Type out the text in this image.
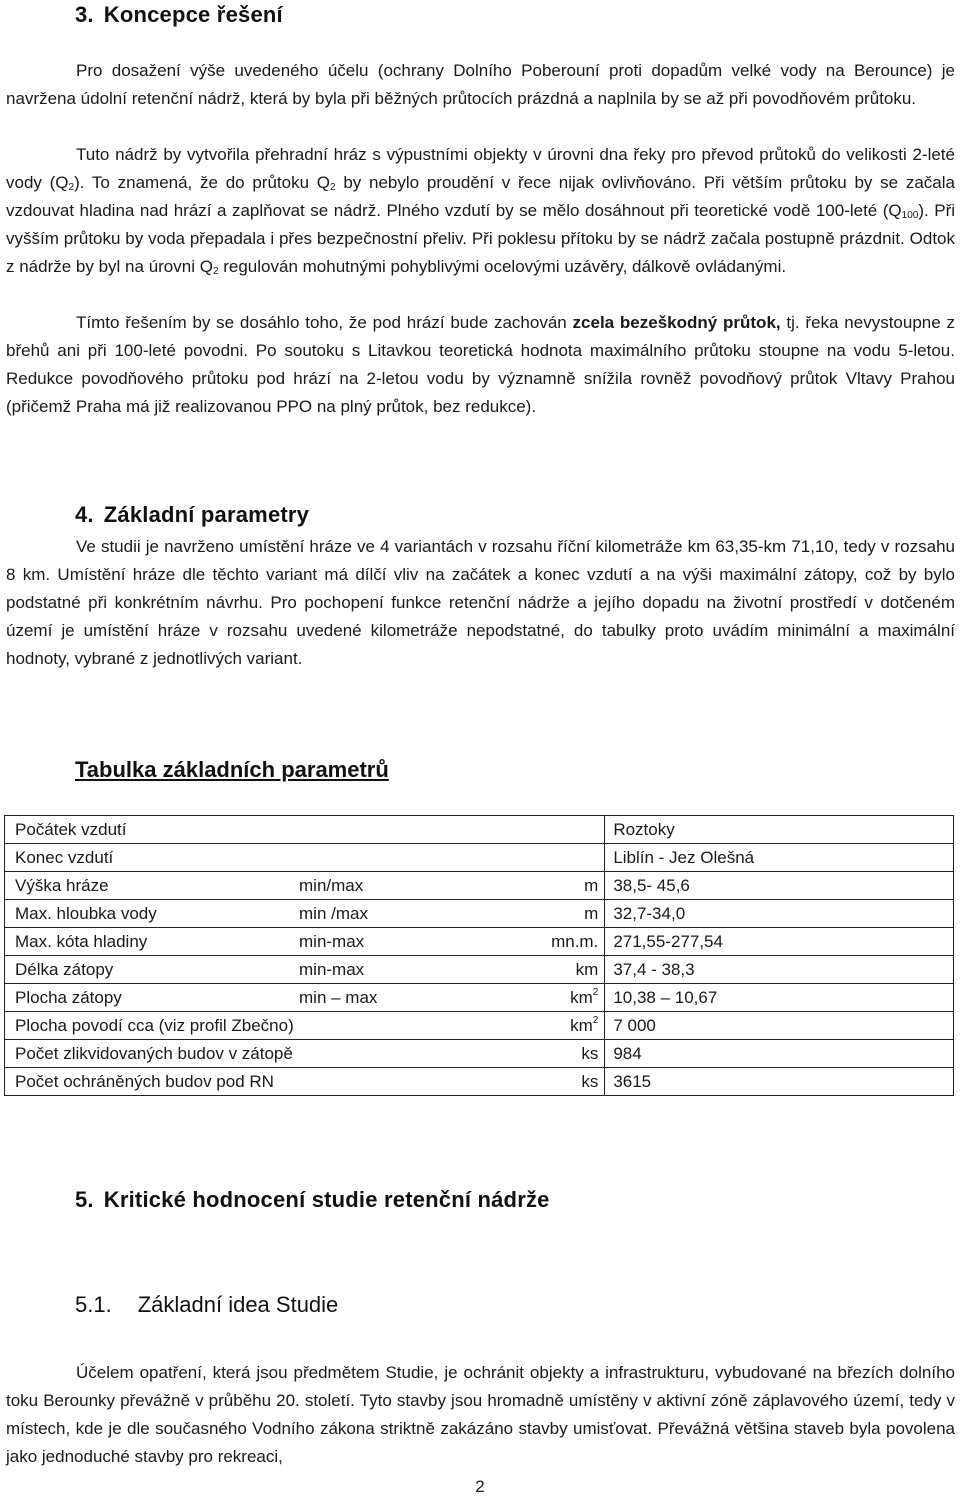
3. Koncepce řešení

Pro dosažení výše uvedeného účelu (ochrany Dolního Poberouní proti dopadům velké vody na Berounce) je navržena údolní retenční nádrž, která by byla při běžných průtocích prázdná a naplnila by se až při povodňovém průtoku.

Tuto nádrž by vytvořila přehradní hráz s výpustními objekty v úrovni dna řeky pro převod průtoků do velikosti 2-leté vody $(Q_2)$. To znamená, že do průtoku $Q_2$ by nebylo proudění v řece nijak ovlivňováno. Při větším průtoku by se začala vzdouvat hladina nad hrází a zaplňovat se nádrž. Plného vzdutí by se mělo dosáhnout při teoretické vodě 100-leté $(Q_{100})$. Při vyšším průtoku by voda přepadala i přes bezpečnostní přeliv. Při poklesu přítoku by se nádrž začala postupně prázdnit. Odtok z nádrže by byl na úrovni $Q_2$ regulován mohutnými pohyblivými ocelovými uzávěry, dálkově ovládanými.

Tímto řešením by se dosáhlo toho, že pod hrází bude zachován zcela bezeškodný průtok, tj. řeka nevystoupne z břehů ani při 100-leté povodni. Po soutoku s Litavkou teoretická hodnota maximálního průtoku stoupne na vodu 5-letou. Redukce povodňového průtoku pod hrází na 2-letou vodu by významně snížila rovněž povodňový průtok Vltavy Prahou (přičemž Praha má již realizovanou PPO na plný průtok, bez redukce).

4. Základní parametry

Ve studii je navrženo umístění hráze ve 4 variantách v rozsahu říční kilometráže km 63,35-km 71,10, tedy v rozsahu 8 km. Umístění hráze dle těchto variant má dílčí vliv na začátek a konec vzdutí a na výši maximální zátopy, což by bylo podstatné při konkrétním návrhu. Pro pochopení funkce retenční nádrže a jejího dopadu na životní prostředí v dotčeném území je umístění hráze v rozsahu uvedené kilometráže nepodstatné, do tabulky proto uvádím minimální a maximální hodnoty, vybrané z jednotlivých variant.

Tabulka základních parametrů
Počátek vzdutí	Roztoky

Konec vzdutí	Liblín - Jez Olešná

Výška hráze min/max m	38,5- 45,6

Max. hloubka vody min /max m	32,7-34,0

Max. kóta hladiny min-max mn.m.	271,55-277,54

Délka zátopy min-max km	37,4 - 38,3

Plocha zátopy min – $\max km^2$	10,38 – 10,67

Plocha povodí cca (viz profil Zbečno) $km^2$	7 000

Počet zlikvidovaných budov v zátopě ks	984

Počet ochráněných budov pod RN ks	3615
5. Kritické hodnocení studie retenční nádrže
5.1. Základní idea Studie

Účelem opatření, která jsou předmětem Studie, je ochránit objekty a infrastrukturu, vybudované na březích dolního toku Berounky převážně v průběhu 20. století. Tyto stavby jsou hromadně umístěny v aktivní zóně záplavového území, tedy v místech, kde je dle současného Vodního zákona striktně zakázáno stavby umisťovat. Převážná většina staveb byla povolena jako jednoduché stavby pro rekreaci,

2
